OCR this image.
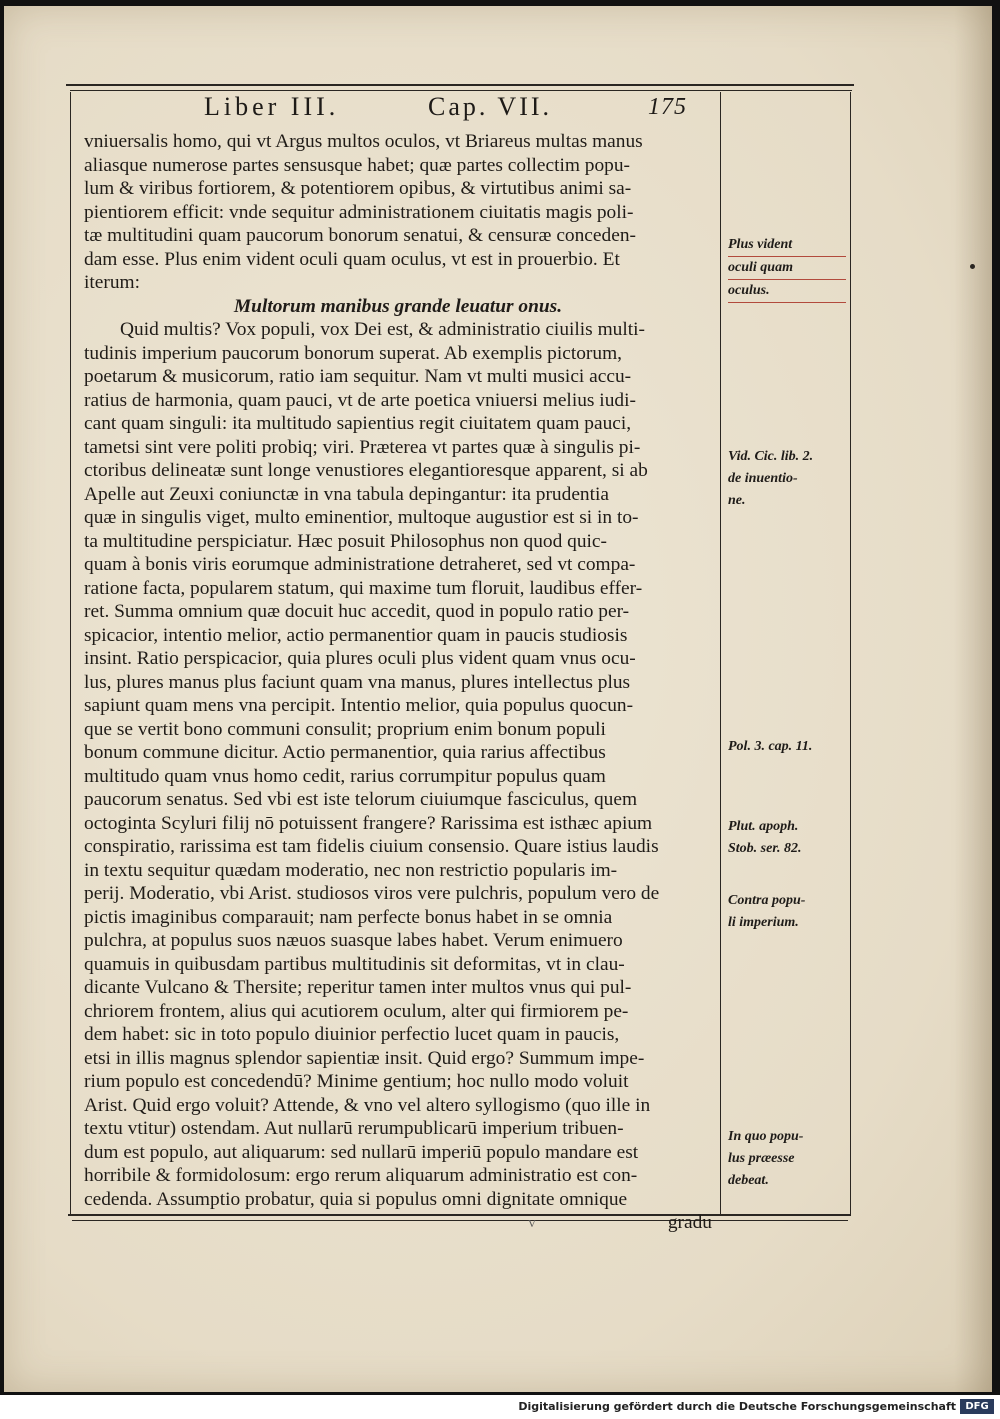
Liber III.	Cap. VII.	175
vniuersalis homo, qui vt Argus multos oculos, vt Briareus multas manus
aliasque numerose partes sensusque habet; quæ partes collectim popu-
lum & viribus fortiorem, & potentiorem opibus, & virtutibus animi sa-
pientiorem efficit: vnde sequitur administrationem ciuitatis magis poli-
tæ multitudini quam paucorum bonorum senatui, & censuræ conceden-
dam esse. Plus enim vident oculi quam oculus, vt est in prouerbio. Et
iterum:
Multorum manibus grande leuatur onus.
Quid multis? Vox populi, vox Dei est, & administratio ciuilis multi-
tudinis imperium paucorum bonorum superat. Ab exemplis pictorum,
poetarum & musicorum, ratio iam sequitur. Nam vt multi musici accu-
ratius de harmonia, quam pauci, vt de arte poetica vniuersi melius iudi-
cant quam singuli: ita multitudo sapientius regit ciuitatem quam pauci,
tametsi sint vere politi probiq; viri. Præterea vt partes quæ à singulis pi-
ctoribus delineatæ sunt longe venustiores elegantioresque apparent, si ab
Apelle aut Zeuxi coniunctæ in vna tabula depingantur: ita prudentia
quæ in singulis viget, multo eminentior, multoque augustior est si in to-
ta multitudine perspiciatur. Hæc posuit Philosophus non quod quic-
quam à bonis viris eorumque administratione detraheret, sed vt compa-
ratione facta, popularem statum, qui maxime tum floruit, laudibus effer-
ret. Summa omnium quæ docuit huc accedit, quod in populo ratio per-
spicacior, intentio melior, actio permanentior quam in paucis studiosis
insint. Ratio perspicacior, quia plures oculi plus vident quam vnus ocu-
lus, plures manus plus faciunt quam vna manus, plures intellectus plus
sapiunt quam mens vna percipit. Intentio melior, quia populus quocun-
que se vertit bono communi consulit; proprium enim bonum populi
bonum commune dicitur. Actio permanentior, quia rarius affectibus
multitudo quam vnus homo cedit, rarius corrumpitur populus quam
paucorum senatus. Sed vbi est iste telorum ciuiumque fasciculus, quem
octoginta Scyluri filij nō potuissent frangere? Rarissima est isthæc apium
conspiratio, rarissima est tam fidelis ciuium consensio. Quare istius laudis
in textu sequitur quædam moderatio, nec non restrictio popularis im-
perij. Moderatio, vbi Arist. studiosos viros vere pulchris, populum vero de
pictis imaginibus comparauit; nam perfecte bonus habet in se omnia
pulchra, at populus suos næuos suasque labes habet. Verum enimuero
quamuis in quibusdam partibus multitudinis sit deformitas, vt in clau-
dicante Vulcano & Thersite; reperitur tamen inter multos vnus qui pul-
chriorem frontem, alius qui acutiorem oculum, alter qui firmiorem pe-
dem habet: sic in toto populo diuinior perfectio lucet quam in paucis,
etsi in illis magnus splendor sapientiæ insit. Quid ergo? Summum impe-
rium populo est concedendū? Minime gentium; hoc nullo modo voluit
Arist. Quid ergo voluit? Attende, & vno vel altero syllogismo (quo ille in
textu vtitur) ostendam. Aut nullarū rerumpublicarū imperium tribuen-
dum est populo, aut aliquarum: sed nullarū imperiū populo mandare est
horribile & formidolosum: ergo rerum aliquarum administratio est con-
cedenda. Assumptio probatur, quia si populus omni dignitate omnique
gradu
Plus vident
oculi quam
oculus.
Vid. Cic. lib. 2.
de inuentio-
ne.
Pol. 3. cap. 11.
Plut. apoph.
Stob. ser. 82.
Contra popu-
li imperium.
In quo popu-
lus præesse
debeat.
V
Digitalisierung gefördert durch die Deutsche Forschungsgemeinschaft DFG
